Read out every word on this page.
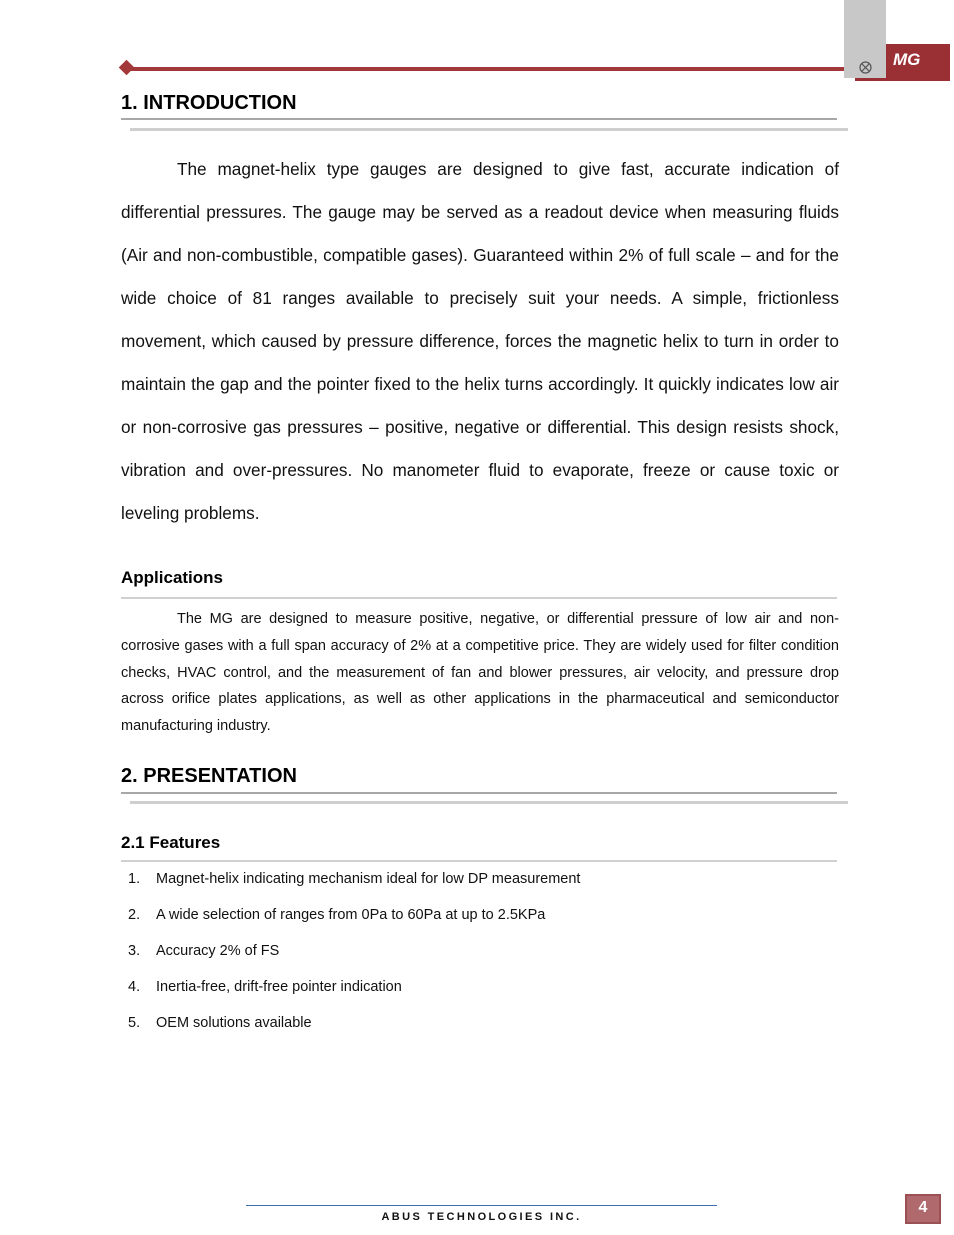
MG
1. INTRODUCTION

The magnet-helix type gauges are designed to give fast, accurate indication of differential pressures. The gauge may be served as a readout device when measuring fluids (Air and non-combustible, compatible gases). Guaranteed within 2% of full scale – and for the wide choice of 81 ranges available to precisely suit your needs. A simple, frictionless movement, which caused by pressure difference, forces the magnetic helix to turn in order to maintain the gap and the pointer fixed to the helix turns accordingly. It quickly indicates low air or non-corrosive gas pressures – positive, negative or differential. This design resists shock, vibration and over-pressures. No manometer fluid to evaporate, freeze or cause toxic or leveling problems.

Applications

The MG are designed to measure positive, negative, or differential pressure of low air and non-corrosive gases with a full span accuracy of 2% at a competitive price. They are widely used for filter condition checks, HVAC control, and the measurement of fan and blower pressures, air velocity, and pressure drop across orifice plates applications, as well as other applications in the pharmaceutical and semiconductor manufacturing industry.

2. PRESENTATION
2.1 Features
1. Magnet-helix indicating mechanism ideal for low DP measurement
2. A wide selection of ranges from 0Pa to 60Pa at up to 2.5KPa
3. Accuracy 2% of FS
4. Inertia-free, drift-free pointer indication
5. OEM solutions available
ABUS TECHNOLOGIES INC.
4
